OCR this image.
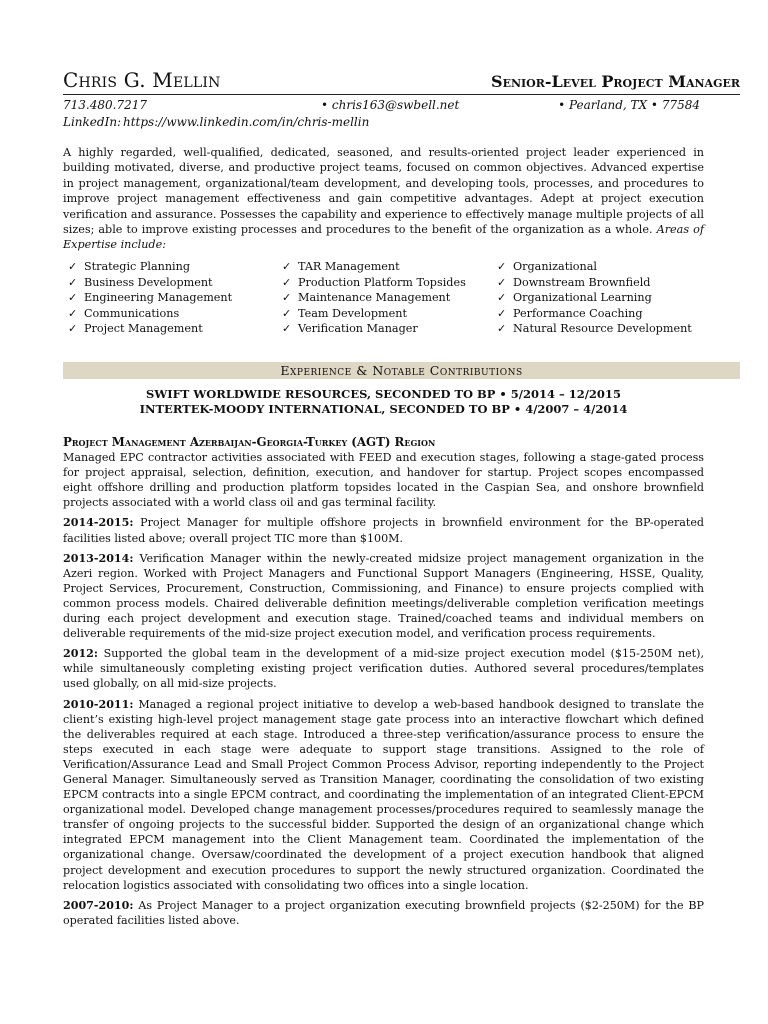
Chris G. Mellin	Senior-Level Project Manager
713.480.7217	• chris163@swbell.net	• Pearland, TX • 77584
LinkedIn: https://www.linkedin.com/in/chris-mellin
A highly regarded, well-qualified, dedicated, seasoned, and results-oriented project leader experienced in building motivated, diverse, and productive project teams, focused on common objectives. Advanced expertise in project management, organizational/team development, and developing tools, processes, and procedures to improve project management effectiveness and gain competitive advantages. Adept at project execution verification and assurance. Possesses the capability and experience to effectively manage multiple projects of all sizes; able to improve existing processes and procedures to the benefit of the organization as a whole. Areas of Expertise include:
✓ Strategic Planning
✓ Business Development
✓ Engineering Management
✓ Communications
✓ Project Management
✓ TAR Management
✓ Production Platform Topsides
✓ Maintenance Management
✓ Team Development
✓ Verification Manager
✓ Organizational
✓ Downstream Brownfield
✓ Organizational Learning
✓ Performance Coaching
✓ Natural Resource Development
Experience & Notable Contributions
SWIFT WORLDWIDE RESOURCES, SECONDED TO BP • 5/2014 – 12/2015
INTERTEK-MOODY INTERNATIONAL, SECONDED TO BP • 4/2007 – 4/2014
Project Management Azerbaijan-Georgia-Turkey (AGT) Region

Managed EPC contractor activities associated with FEED and execution stages, following a stage-gated process for project appraisal, selection, definition, execution, and handover for startup. Project scopes encompassed eight offshore drilling and production platform topsides located in the Caspian Sea, and onshore brownfield projects associated with a world class oil and gas terminal facility.

2014-2015: Project Manager for multiple offshore projects in brownfield environment for the BP-operated facilities listed above; overall project TIC more than $100M.

2013-2014: Verification Manager within the newly-created midsize project management organization in the Azeri region. Worked with Project Managers and Functional Support Managers (Engineering, HSSE, Quality, Project Services, Procurement, Construction, Commissioning, and Finance) to ensure projects complied with common process models. Chaired deliverable definition meetings/deliverable completion verification meetings during each project development and execution stage. Trained/coached teams and individual members on deliverable requirements of the mid-size project execution model, and verification process requirements.

2012: Supported the global team in the development of a mid-size project execution model ($15-250M net), while simultaneously completing existing project verification duties. Authored several procedures/templates used globally, on all mid-size projects.

2010-2011: Managed a regional project initiative to develop a web-based handbook designed to translate the client’s existing high-level project management stage gate process into an interactive flowchart which defined the deliverables required at each stage. Introduced a three-step verification/assurance process to ensure the steps executed in each stage were adequate to support stage transitions. Assigned to the role of Verification/Assurance Lead and Small Project Common Process Advisor, reporting independently to the Project General Manager. Simultaneously served as Transition Manager, coordinating the consolidation of two existing EPCM contracts into a single EPCM contract, and coordinating the implementation of an integrated Client-EPCM organizational model. Developed change management processes/procedures required to seamlessly manage the transfer of ongoing projects to the successful bidder. Supported the design of an organizational change which integrated EPCM management into the Client Management team. Coordinated the implementation of the organizational change. Oversaw/coordinated the development of a project execution handbook that aligned project development and execution procedures to support the newly structured organization. Coordinated the relocation logistics associated with consolidating two offices into a single location.

2007-2010: As Project Manager to a project organization executing brownfield projects ($2-250M) for the BP operated facilities listed above.
